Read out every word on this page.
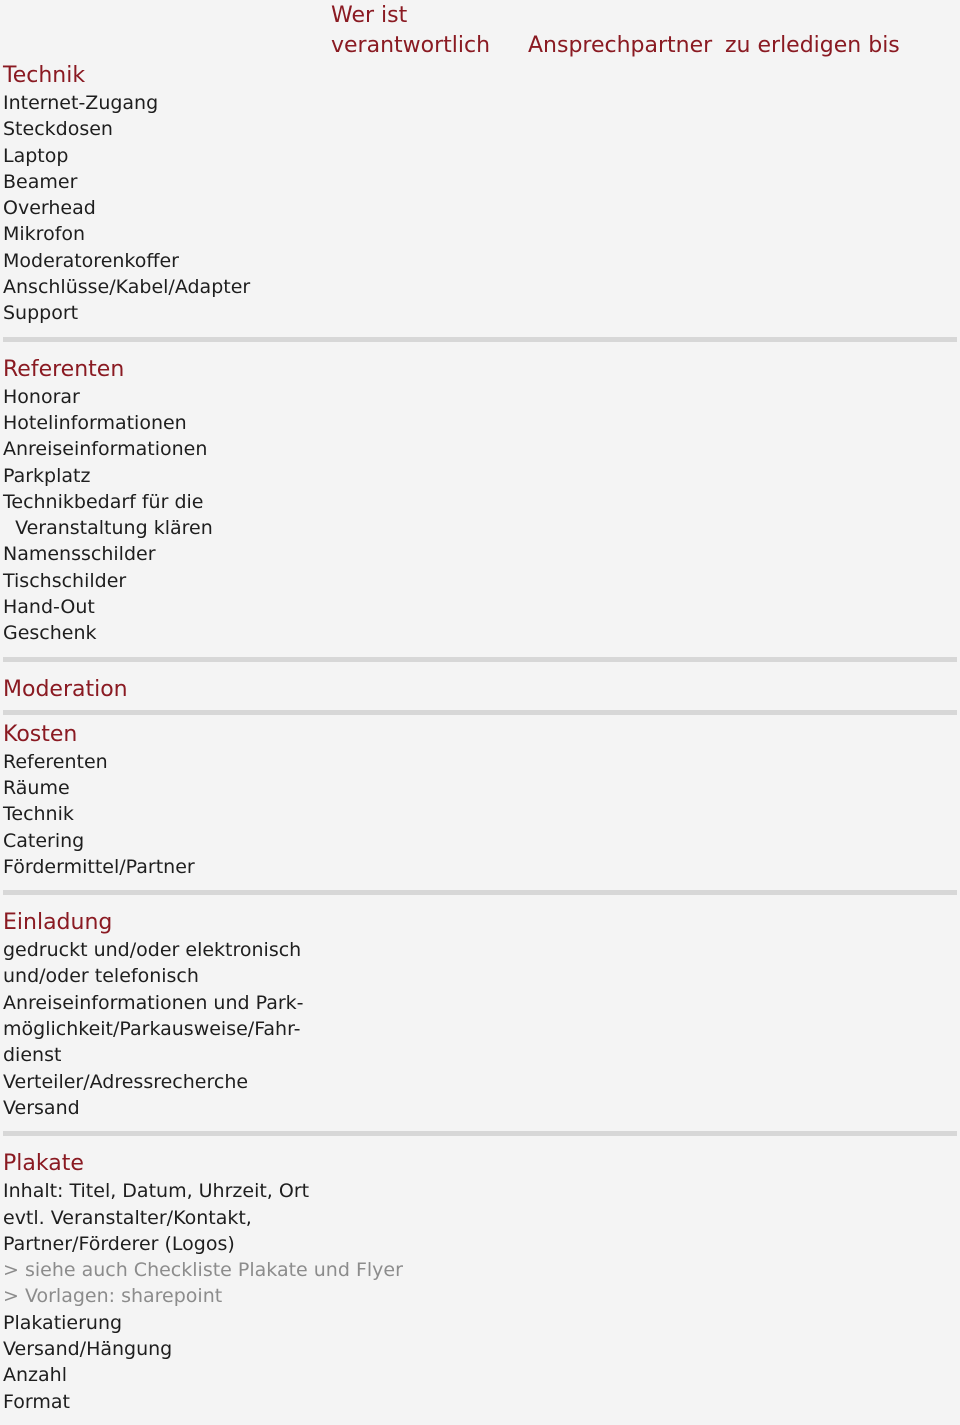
Wer ist
verantwortlich Ansprechpartner zu erledigen bis
Technik
Internet-Zugang
Steckdosen
Laptop
Beamer
Overhead
Mikrofon
Moderatorenkoffer
Anschlüsse/Kabel/Adapter
Support
Referenten
Honorar
Hotelinformationen
Anreiseinformationen
Parkplatz
Technikbedarf für die
Veranstaltung klären
Namensschilder
Tischschilder
Hand-Out
Geschenk
Moderation
Kosten
Referenten
Räume
Technik
Catering
Fördermittel/Partner
Einladung
gedruckt und/oder elektronisch
und/oder telefonisch
Anreiseinformationen und Park-
möglichkeit/Parkausweise/Fahr-
dienst
Verteiler/Adressrecherche
Versand
Plakate
Inhalt: Titel, Datum, Uhrzeit, Ort
evtl. Veranstalter/Kontakt,
Partner/Förderer (Logos)
> siehe auch Checkliste Plakate und Flyer
> Vorlagen: sharepoint
Plakatierung
Versand/Hängung
Anzahl
Format
